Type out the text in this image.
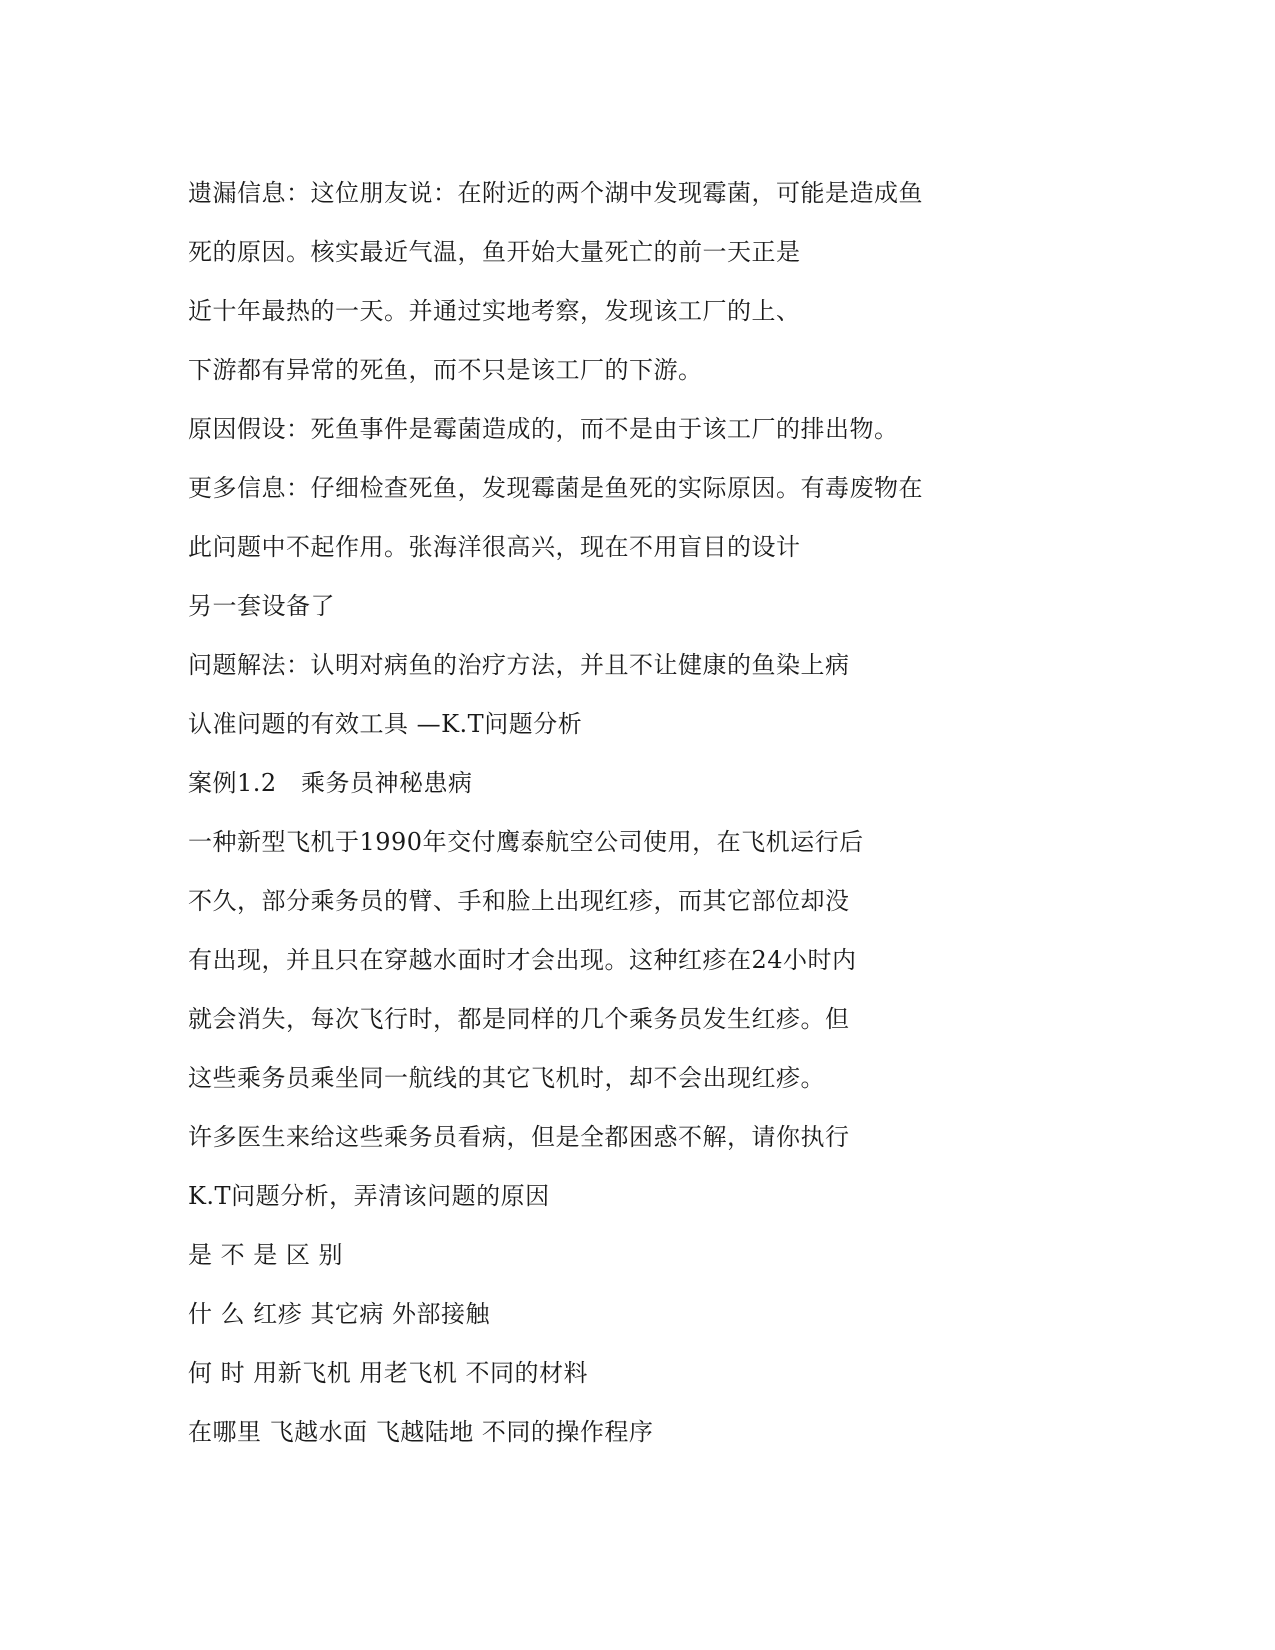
遗漏信息：这位朋友说：在附近的两个湖中发现霉菌，可能是造成鱼
死的原因。核实最近气温，鱼开始大量死亡的前一天正是
近十年最热的一天。并通过实地考察，发现该工厂的上、
下游都有异常的死鱼，而不只是该工厂的下游。
原因假设：死鱼事件是霉菌造成的，而不是由于该工厂的排出物。
更多信息：仔细检查死鱼，发现霉菌是鱼死的实际原因。有毒废物在
此问题中不起作用。张海洋很高兴，现在不用盲目的设计
另一套设备了
问题解法：认明对病鱼的治疗方法，并且不让健康的鱼染上病
认准问题的有效工具 —K.T问题分析
案例1.2   乘务员神秘患病
一种新型飞机于1990年交付鹰泰航空公司使用，在飞机运行后
不久，部分乘务员的臂、手和脸上出现红疹，而其它部位却没
有出现，并且只在穿越水面时才会出现。这种红疹在24小时内
就会消失，每次飞行时，都是同样的几个乘务员发生红疹。但
这些乘务员乘坐同一航线的其它飞机时，却不会出现红疹。
许多医生来给这些乘务员看病，但是全都困惑不解，请你执行
K.T问题分析，弄清该问题的原因
是 不 是 区 别
什 么 红疹 其它病 外部接触
何 时 用新飞机 用老飞机 不同的材料
在哪里 飞越水面 飞越陆地 不同的操作程序
